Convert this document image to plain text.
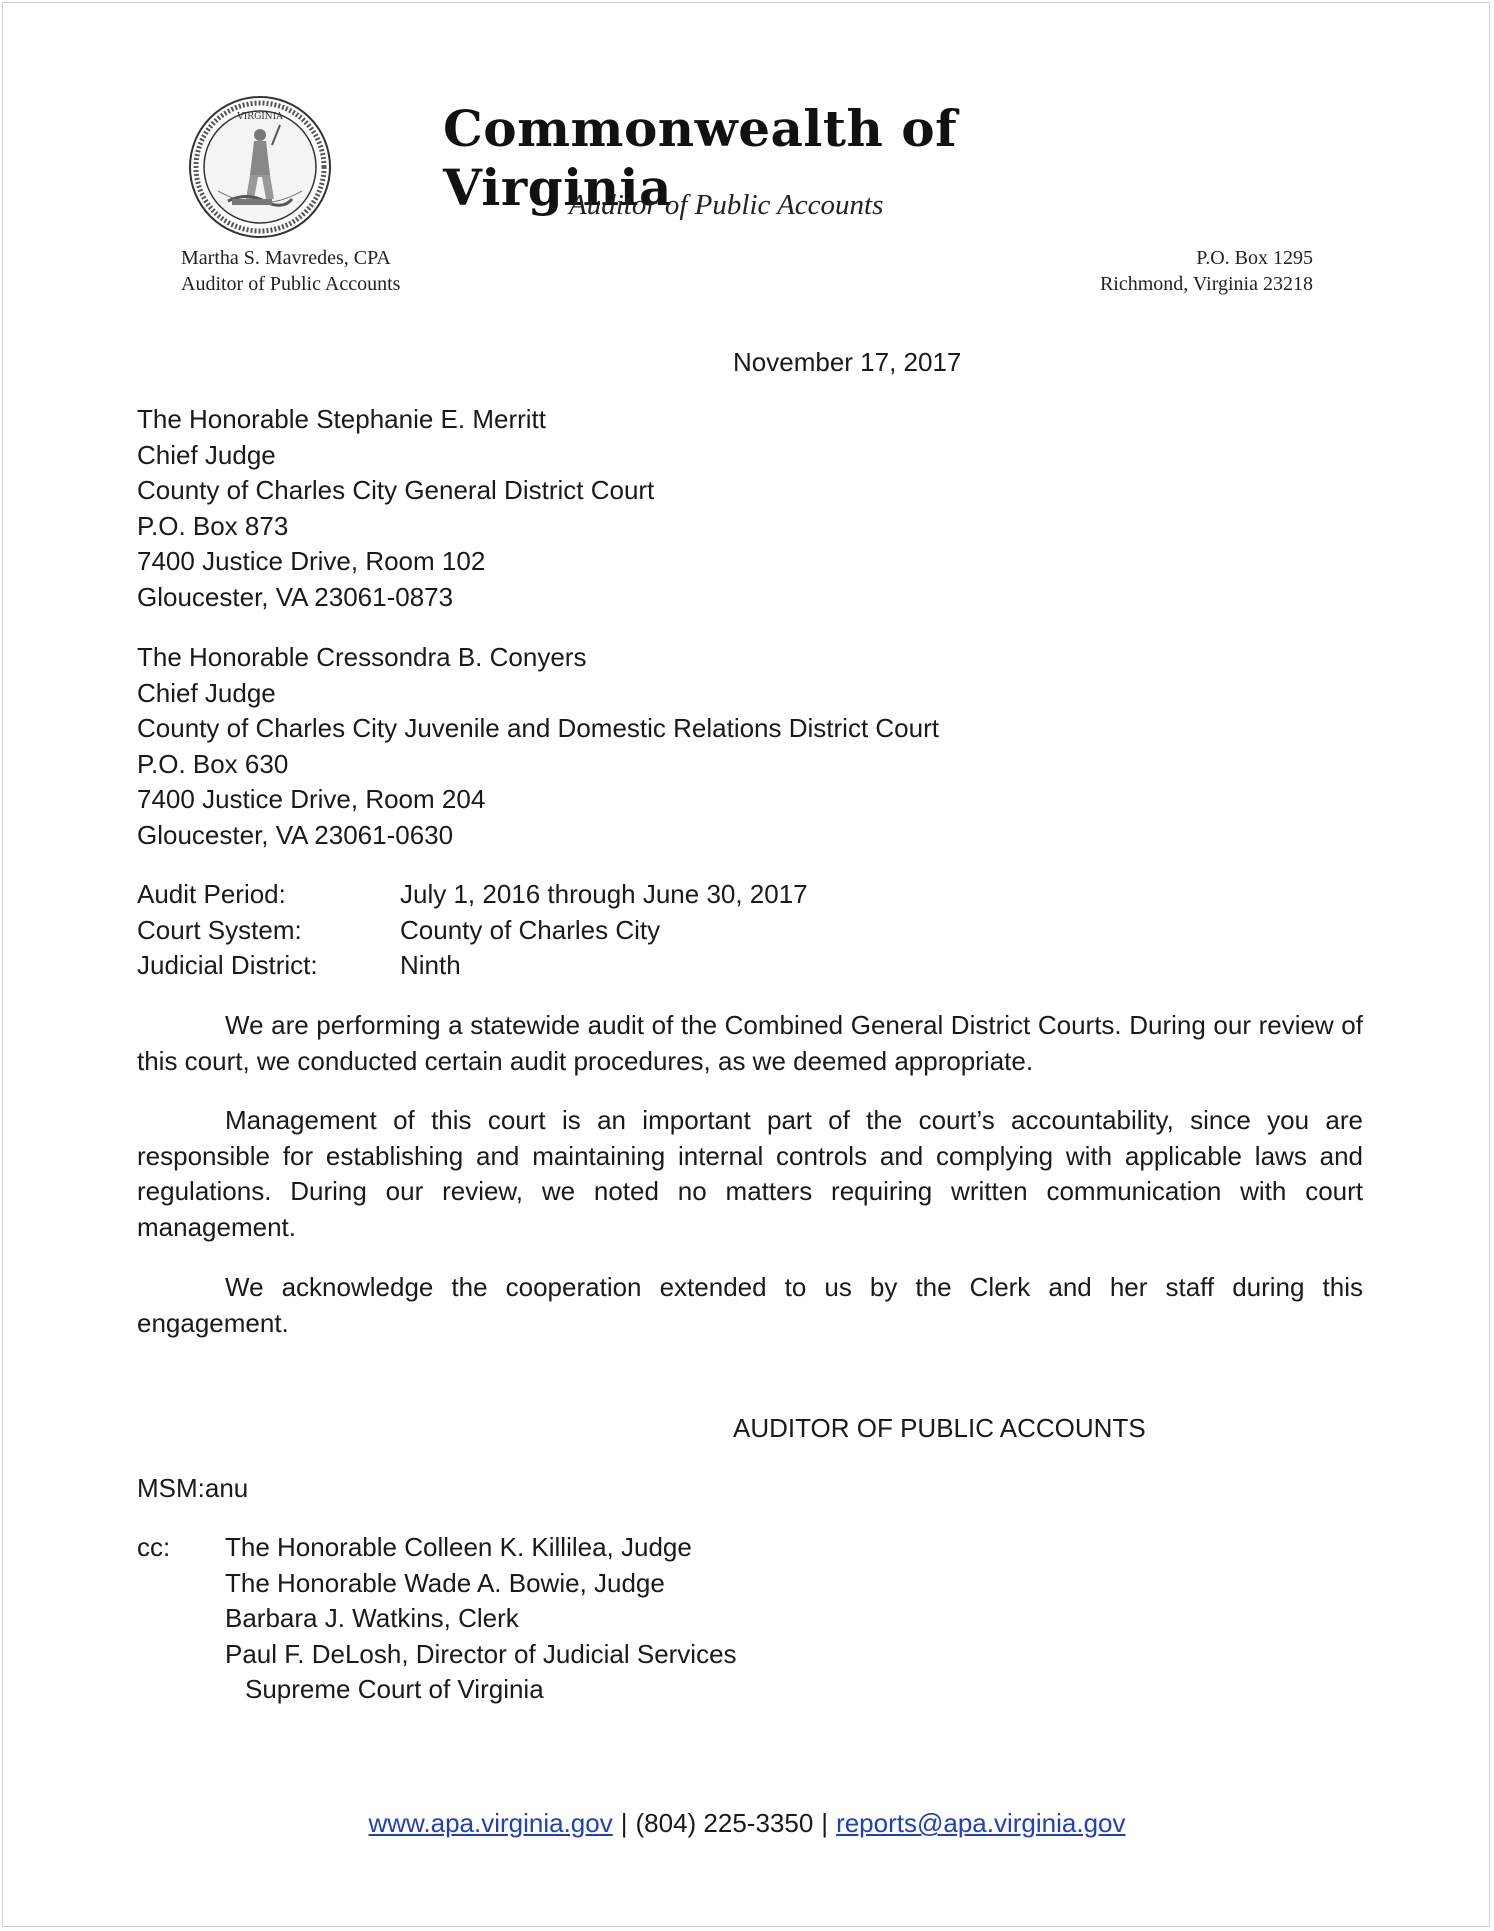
VIRGINIA	Commonwealth of Virginia
Auditor of Public Accounts
Martha S. Mavredes, CPA
Auditor of Public Accounts
P.O. Box 1295
Richmond, Virginia 23218
November 17, 2017
The Honorable Stephanie E. Merritt
Chief Judge
County of Charles City General District Court
P.O. Box 873
7400 Justice Drive, Room 102
Gloucester, VA 23061-0873
The Honorable Cressondra B. Conyers
Chief Judge
County of Charles City Juvenile and Domestic Relations District Court
P.O. Box 630
7400 Justice Drive, Room 204
Gloucester, VA 23061-0630
Audit Period:	July 1, 2016 through June 30, 2017
Court System:	County of Charles City
Judicial District:	Ninth
We are performing a statewide audit of the Combined General District Courts. During our review of this court, we conducted certain audit procedures, as we deemed appropriate.
Management of this court is an important part of the court’s accountability, since you are responsible for establishing and maintaining internal controls and complying with applicable laws and regulations. During our review, we noted no matters requiring written communication with court management.
We acknowledge the cooperation extended to us by the Clerk and her staff during this engagement.
AUDITOR OF PUBLIC ACCOUNTS
MSM:anu
cc: The Honorable Colleen K. Killilea, Judge
The Honorable Wade A. Bowie, Judge
Barbara J. Watkins, Clerk
Paul F. DeLosh, Director of Judicial Services
Supreme Court of Virginia
www.apa.virginia.gov | (804) 225-3350 | reports@apa.virginia.gov
